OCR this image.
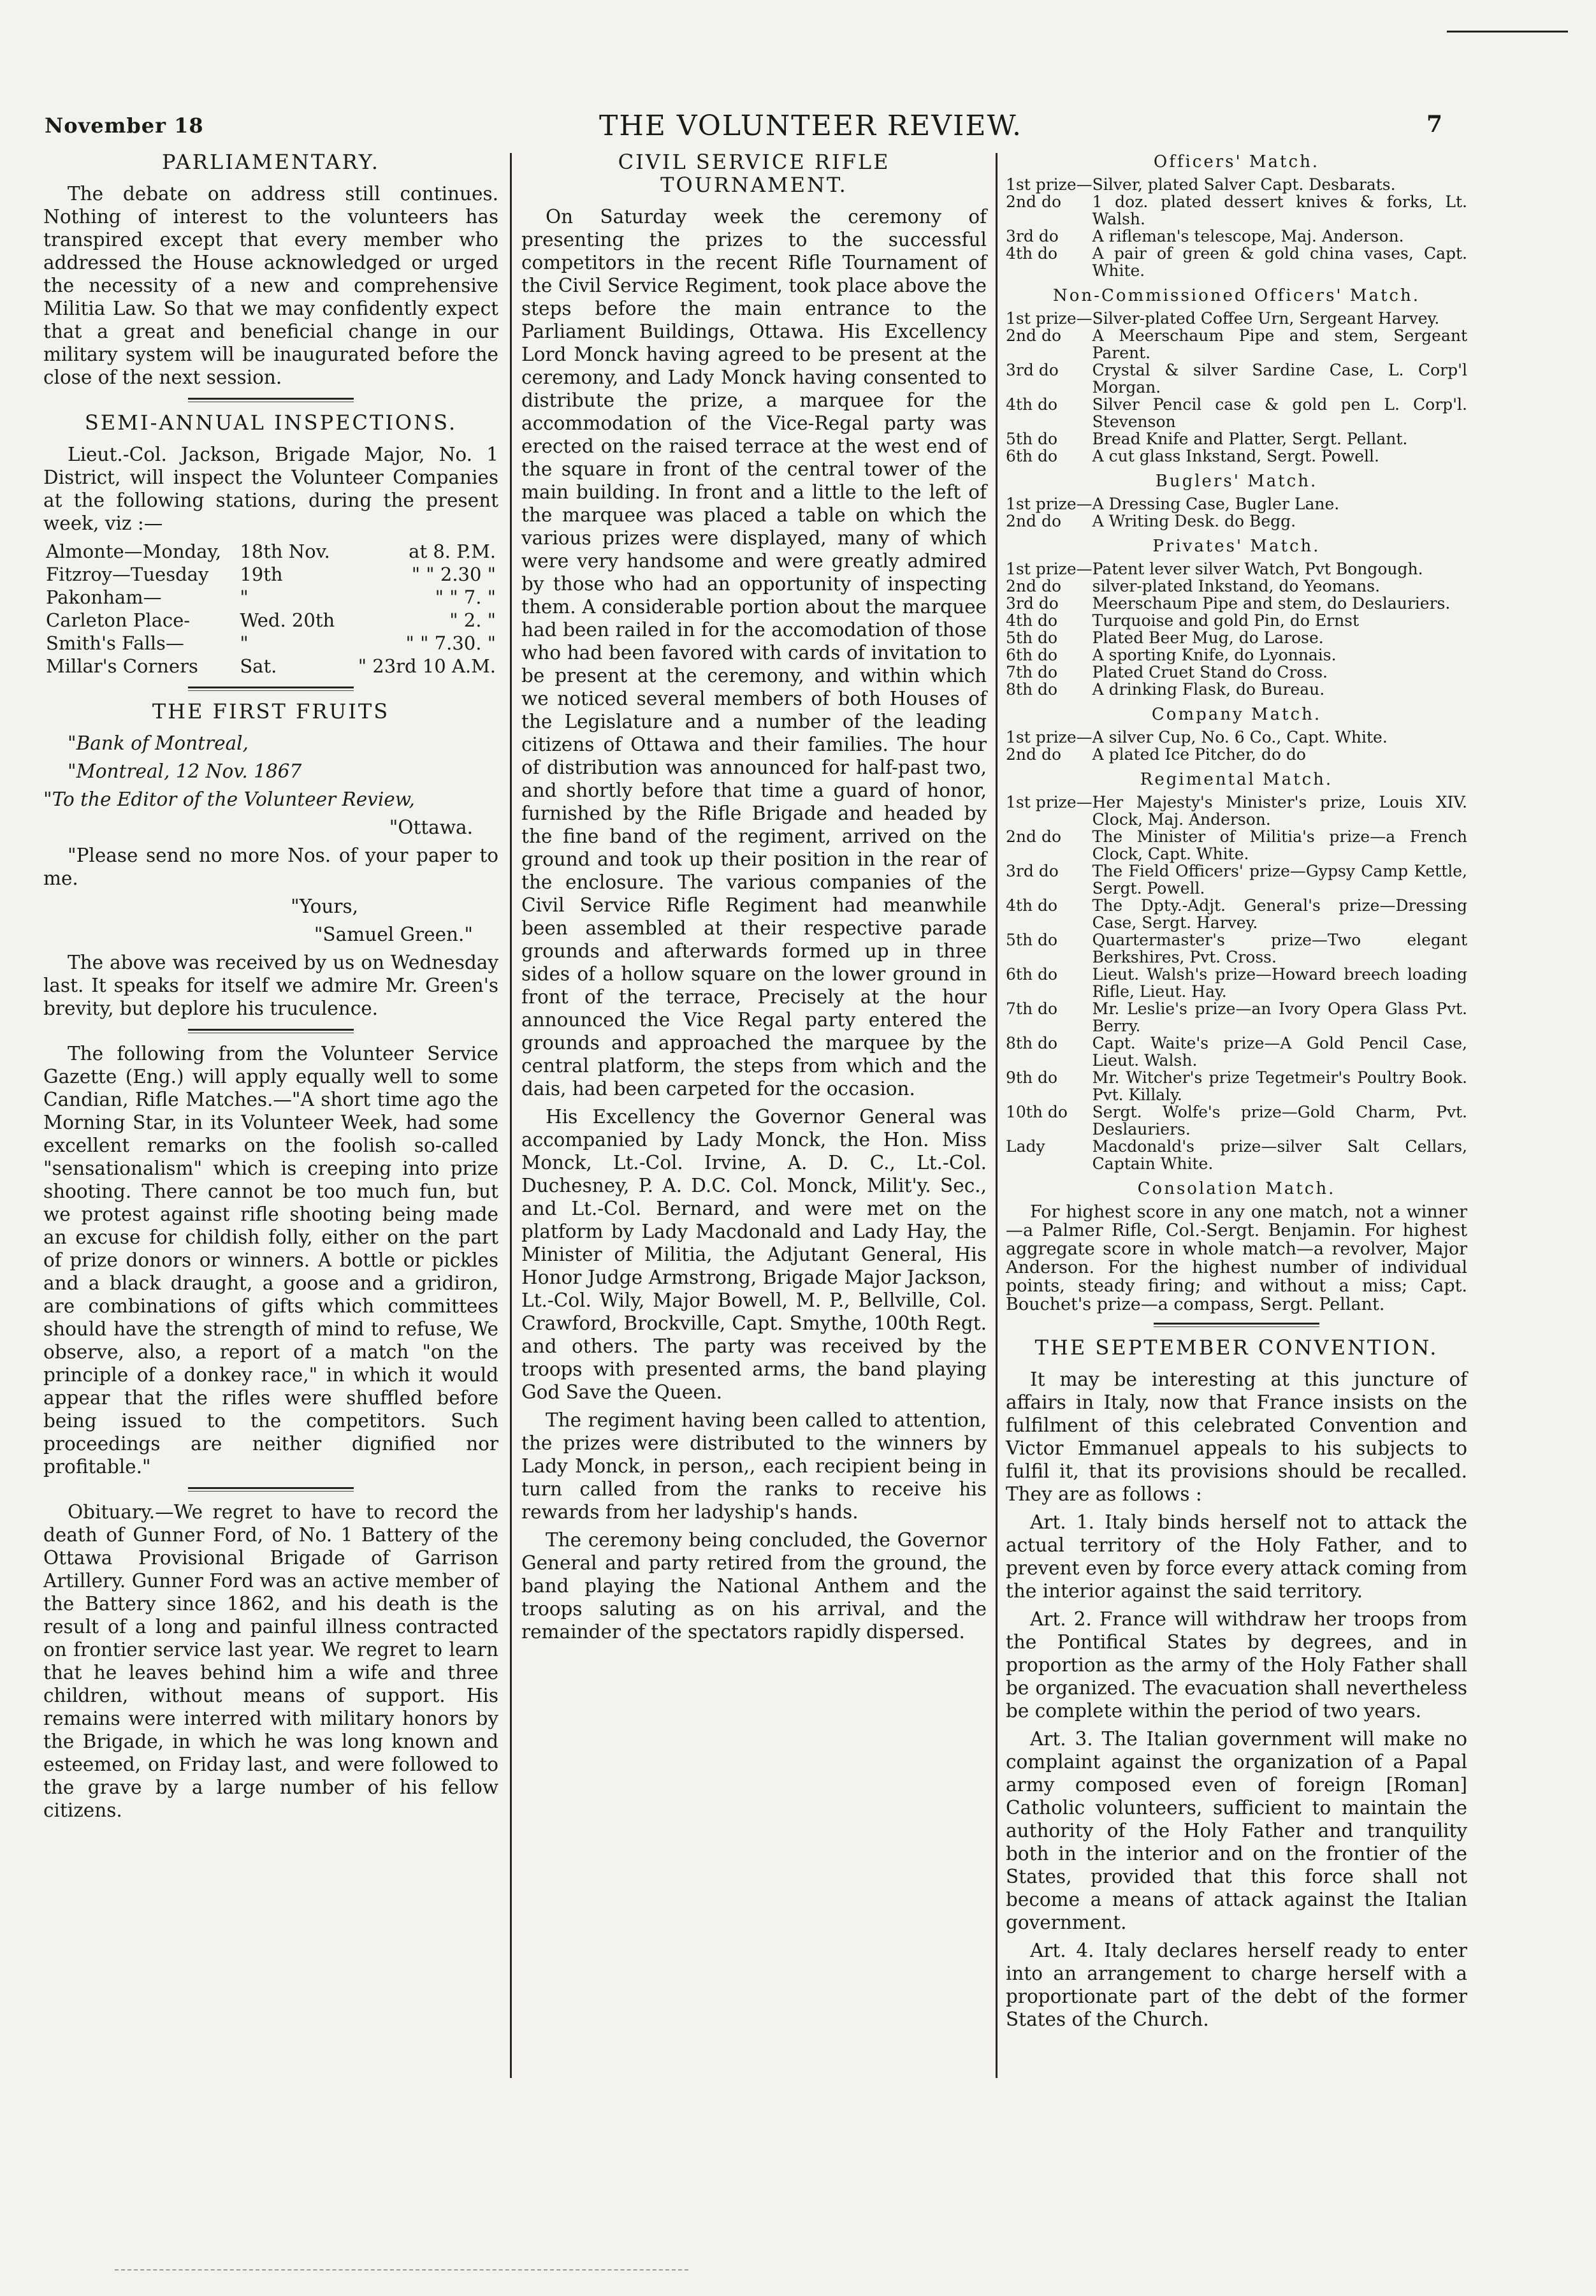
November 18	THE VOLUNTEER REVIEW.	7
PARLIAMENTARY.

The debate on address still continues. Nothing of interest to the volunteers has transpired except that every member who addressed the House acknowledged or urged the necessity of a new and comprehensive Militia Law. So that we may confidently expect that a great and beneficial change in our military system will be inaugurated before the close of the next session.

SEMI-ANNUAL INSPECTIONS.

Lieut.-Col. Jackson, Brigade Major, No. 1 District, will inspect the Volunteer Companies at the following stations, during the present week, viz :—

Almonte—Monday,	18th Nov.	at 8. P.M.
Fitzroy—Tuesday	19th	" " 2.30 "
Pakonham—	"	" " 7. "
Carleton Place-	Wed. 20th	" 2. "
Smith's Falls—	"	" " 7.30. "
Millar's Corners	Sat.	" 23rd 10 A.M.
THE FIRST FRUITS

"Bank of Montreal,

"Montreal, 12 Nov. 1867

"To the Editor of the Volunteer Review,

"Ottawa.

"Please send no more Nos. of your paper to me.

"Yours,

"Samuel Green."

The above was received by us on Wednesday last. It speaks for itself we admire Mr. Green's brevity, but deplore his truculence.

The following from the Volunteer Service Gazette (Eng.) will apply equally well to some Candian, Rifle Matches.—"A short time ago the Morning Star, in its Volunteer Week, had some excellent remarks on the foolish so-called "sensationalism" which is creeping into prize shooting. There cannot be too much fun, but we protest against rifle shooting being made an excuse for childish folly, either on the part of prize donors or winners. A bottle or pickles and a black draught, a goose and a gridiron, are combinations of gifts which committees should have the strength of mind to refuse, We observe, also, a report of a match "on the principle of a donkey race," in which it would appear that the rifles were shuffled before being issued to the competitors. Such proceedings are neither dignified nor profitable."

Obituary.—We regret to have to record the death of Gunner Ford, of No. 1 Battery of the Ottawa Provisional Brigade of Garrison Artillery. Gunner Ford was an active member of the Battery since 1862, and his death is the result of a long and painful illness contracted on frontier service last year. We regret to learn that he leaves behind him a wife and three children, without means of support. His remains were interred with military honors by the Brigade, in which he was long known and esteemed, on Friday last, and were followed to the grave by a large number of his fellow citizens.

CIVIL SERVICE RIFLE TOURNAMENT.

On Saturday week the ceremony of presenting the prizes to the successful competitors in the recent Rifle Tournament of the Civil Service Regiment, took place above the steps before the main entrance to the Parliament Buildings, Ottawa. His Excellency Lord Monck having agreed to be present at the ceremony, and Lady Monck having consented to distribute the prize, a marquee for the accommodation of the Vice-Regal party was erected on the raised terrace at the west end of the square in front of the central tower of the main building. In front and a little to the left of the marquee was placed a table on which the various prizes were displayed, many of which were very handsome and were greatly admired by those who had an opportunity of inspecting them. A considerable portion about the marquee had been railed in for the accomodation of those who had been favored with cards of invitation to be present at the ceremony, and within which we noticed several members of both Houses of the Legislature and a number of the leading citizens of Ottawa and their families. The hour of distribution was announced for half-past two, and shortly before that time a guard of honor, furnished by the Rifle Brigade and headed by the fine band of the regiment, arrived on the ground and took up their position in the rear of the enclosure. The various companies of the Civil Service Rifle Regiment had meanwhile been assembled at their respective parade grounds and afterwards formed up in three sides of a hollow square on the lower ground in front of the terrace, Precisely at the hour announced the Vice Regal party entered the grounds and approached the marquee by the central platform, the steps from which and the dais, had been carpeted for the occasion.

His Excellency the Governor General was accompanied by Lady Monck, the Hon. Miss Monck, Lt.-Col. Irvine, A. D. C., Lt.-Col. Duchesney, P. A. D.C. Col. Monck, Milit'y. Sec., and Lt.-Col. Bernard, and were met on the platform by Lady Macdonald and Lady Hay, the Minister of Militia, the Adjutant General, His Honor Judge Armstrong, Brigade Major Jackson, Lt.-Col. Wily, Major Bowell, M. P., Bellville, Col. Crawford, Brockville, Capt. Smythe, 100th Regt. and others. The party was received by the troops with presented arms, the band playing God Save the Queen.

The regiment having been called to attention, the prizes were distributed to the winners by Lady Monck, in person,, each recipient being in turn called from the ranks to receive his rewards from her ladyship's hands.

The ceremony being concluded, the Governor General and party retired from the ground, the band playing the National Anthem and the troops saluting as on his arrival, and the remainder of the spectators rapidly dispersed.

Officers' Match.
1st prize—	Silver, plated Salver Capt. Desbarats.
2nd do	1 doz. plated dessert knives & forks, Lt. Walsh.
3rd do	A rifleman's telescope, Maj. Anderson.
4th do	A pair of green & gold china vases, Capt. White.
Non-Commissioned Officers' Match.
1st prize—	Silver-plated Coffee Urn, Sergeant Harvey.
2nd do	A Meerschaum Pipe and stem, Sergeant Parent.
3rd do	Crystal & silver Sardine Case, L. Corp'l Morgan.
4th do	Silver Pencil case & gold pen L. Corp'l. Stevenson
5th do	Bread Knife and Platter, Sergt. Pellant.
6th do	A cut glass Inkstand, Sergt. Powell.
Buglers' Match.
1st prize—	A Dressing Case, Bugler Lane.
2nd do	A Writing Desk. do Begg.
Privates' Match.
1st prize—	Patent lever silver Watch, Pvt Bongough.
2nd do	silver-plated Inkstand, do Yeomans.
3rd do	Meerschaum Pipe and stem, do Deslauriers.
4th do	Turquoise and gold Pin, do Ernst
5th do	Plated Beer Mug, do Larose.
6th do	A sporting Knife, do Lyonnais.
7th do	Plated Cruet Stand do Cross.
8th do	A drinking Flask, do Bureau.
Company Match.
1st prize—	A silver Cup, No. 6 Co., Capt. White.
2nd do	A plated Ice Pitcher, do do
Regimental Match.
1st prize—	Her Majesty's Minister's prize, Louis XIV. Clock, Maj. Anderson.
2nd do	The Minister of Militia's prize—a French Clock, Capt. White.
3rd do	The Field Officers' prize—Gypsy Camp Kettle, Sergt. Powell.
4th do	The Dpty.-Adjt. General's prize—Dressing Case, Sergt. Harvey.
5th do	Quartermaster's prize—Two elegant Berkshires, Pvt. Cross.
6th do	Lieut. Walsh's prize—Howard breech loading Rifle, Lieut. Hay.
7th do	Mr. Leslie's prize—an Ivory Opera Glass Pvt. Berry.
8th do	Capt. Waite's prize—A Gold Pencil Case, Lieut. Walsh.
9th do	Mr. Witcher's prize Tegetmeir's Poultry Book. Pvt. Killaly.
10th do	Sergt. Wolfe's prize—Gold Charm, Pvt. Deslauriers.
Lady	Macdonald's prize—silver Salt Cellars, Captain White.
Consolation Match.

For highest score in any one match, not a winner—a Palmer Rifle, Col.-Sergt. Benjamin. For highest aggregate score in whole match—a revolver, Major Anderson. For the highest number of individual points, steady firing; and without a miss; Capt. Bouchet's prize—a compass, Sergt. Pellant.

THE SEPTEMBER CONVENTION.

It may be interesting at this juncture of affairs in Italy, now that France insists on the fulfilment of this celebrated Convention and Victor Emmanuel appeals to his subjects to fulfil it, that its provisions should be recalled. They are as follows :

Art. 1. Italy binds herself not to attack the actual territory of the Holy Father, and to prevent even by force every attack coming from the interior against the said territory.

Art. 2. France will withdraw her troops from the Pontifical States by degrees, and in proportion as the army of the Holy Father shall be organized. The evacuation shall nevertheless be complete within the period of two years.

Art. 3. The Italian government will make no complaint against the organization of a Papal army composed even of foreign [Roman] Catholic volunteers, sufficient to maintain the authority of the Holy Father and tranquility both in the interior and on the frontier of the States, provided that this force shall not become a means of attack against the Italian government.

Art. 4. Italy declares herself ready to enter into an arrangement to charge herself with a proportionate part of the debt of the former States of the Church.
